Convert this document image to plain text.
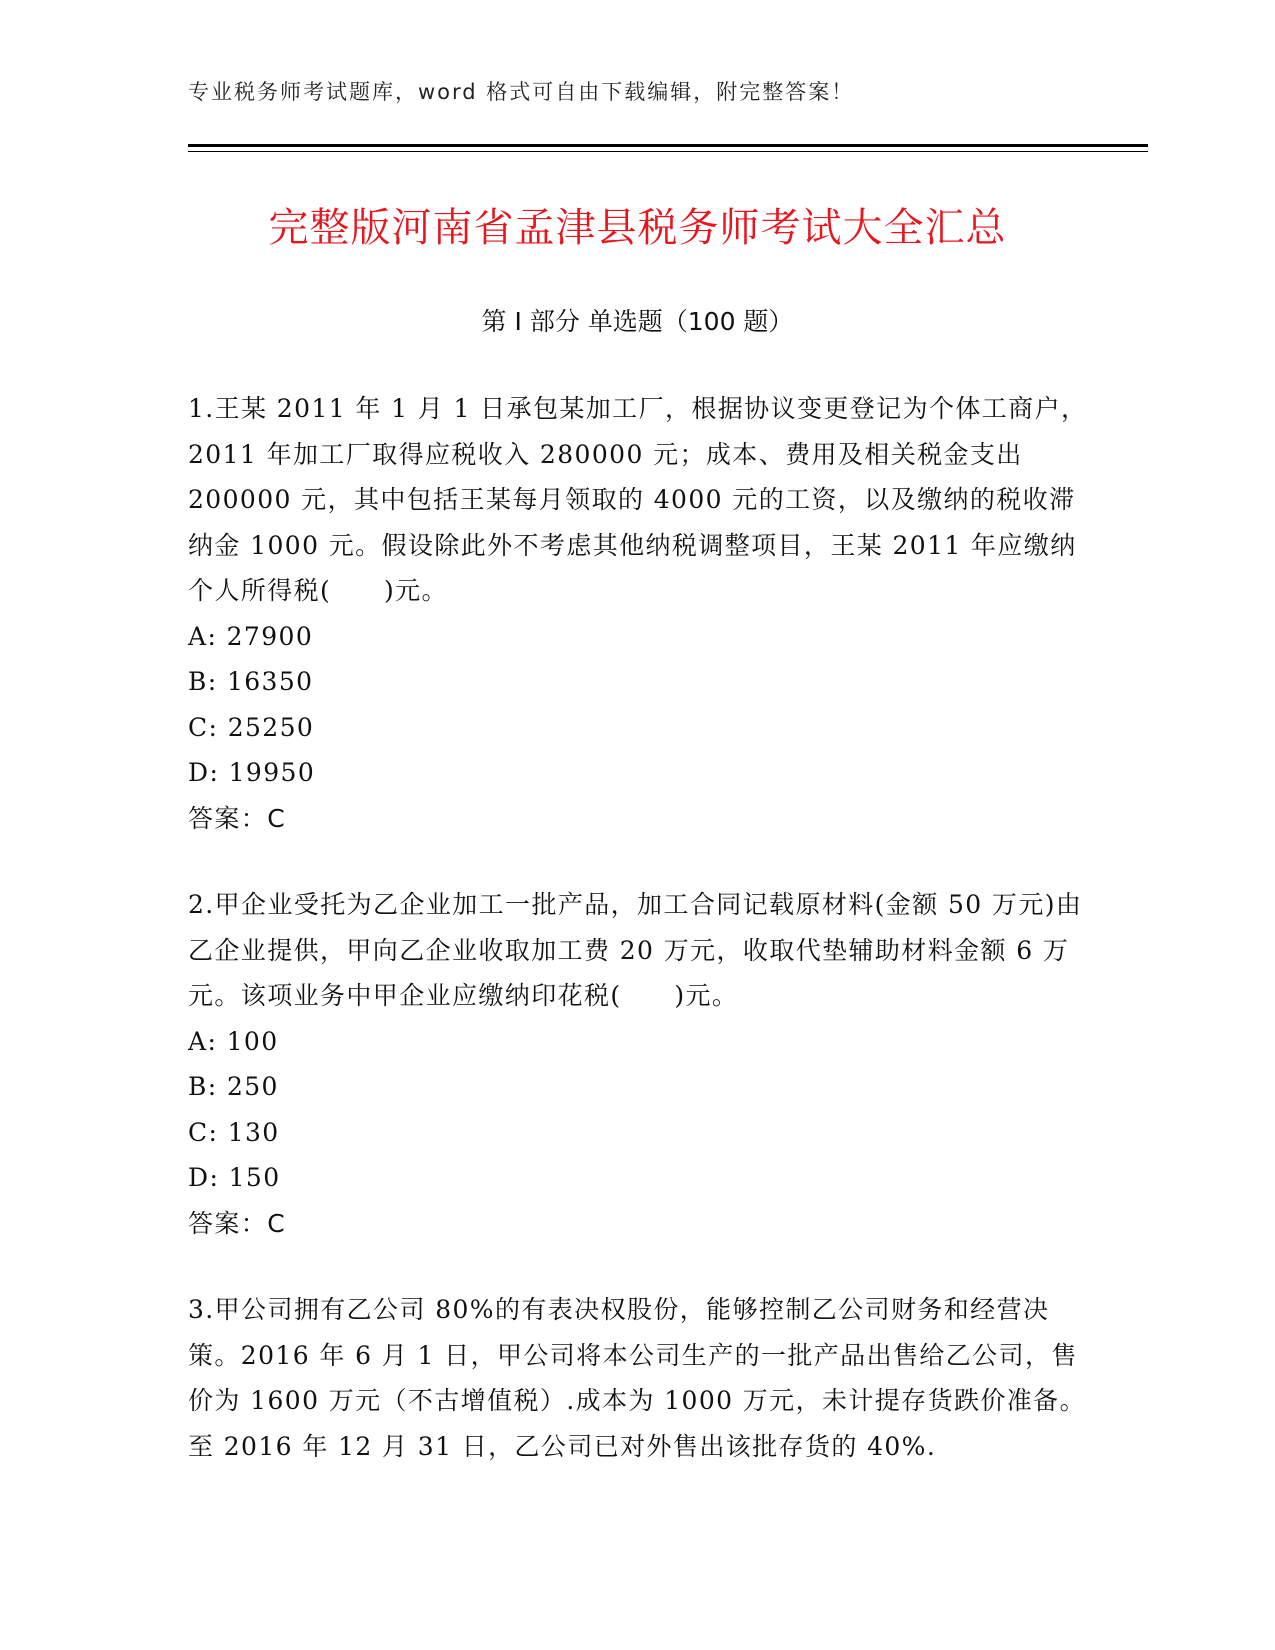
专业税务师考试题库，word 格式可自由下载编辑，附完整答案！
完整版河南省孟津县税务师考试大全汇总
第 I 部分 单选题（100 题）

1.王某 2011 年 1 月 1 日承包某加工厂，根据协议变更登记为个体工商户，2011 年加工厂取得应税收入 280000 元；成本、费用及相关税金支出 200000 元，其中包括王某每月领取的 4000 元的工资，以及缴纳的税收滞纳金 1000 元。假设除此外不考虑其他纳税调整项目，王某 2011 年应缴纳个人所得税(　　)元。

A: 27900

B: 16350

C: 25250

D: 19950

答案：C

2.甲企业受托为乙企业加工一批产品，加工合同记载原材料(金额 50 万元)由乙企业提供，甲向乙企业收取加工费 20 万元，收取代垫辅助材料金额 6 万元。该项业务中甲企业应缴纳印花税(　　)元。

A: 100

B: 250

C: 130

D: 150

答案：C

3.甲公司拥有乙公司 80%的有表决权股份，能够控制乙公司财务和经营决策。2016 年 6 月 1 日，甲公司将本公司生产的一批产品出售给乙公司，售价为 1600 万元（不古增值税）.成本为 1000 万元，未计提存货跌价准备。至 2016 年 12 月 31 日，乙公司已对外售出该批存货的 40%.
